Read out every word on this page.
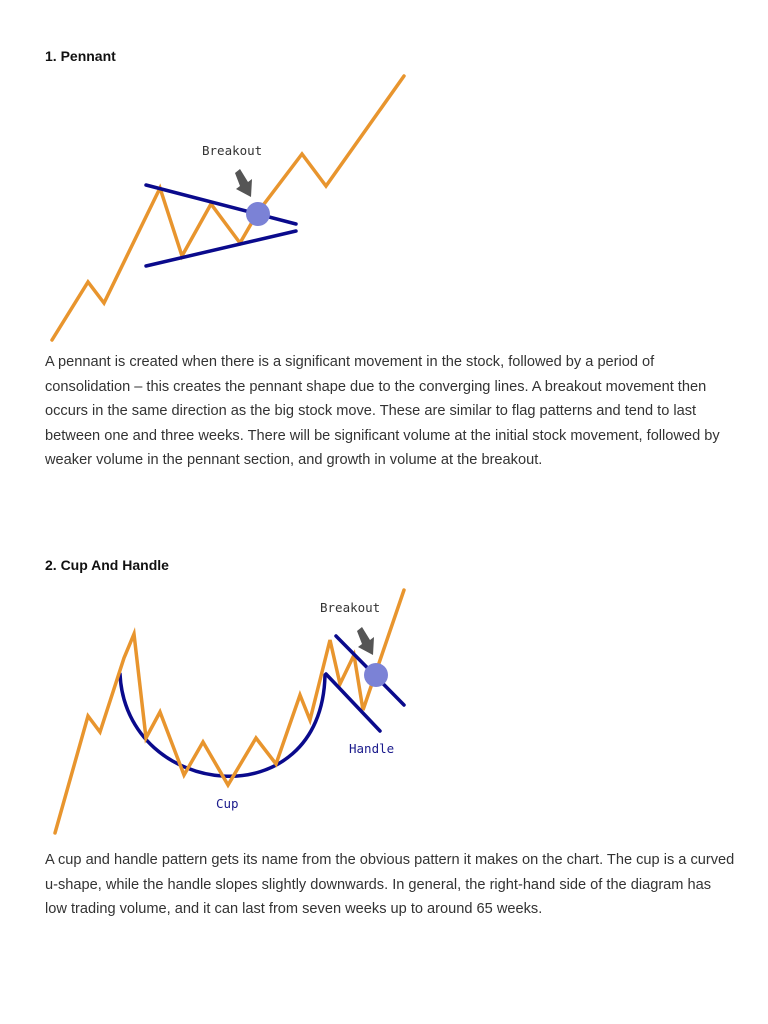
1. Pennant
Breakout

A pennant is created when there is a significant movement in the stock, followed by a period of consolidation – this creates the pennant shape due to the converging lines. A breakout movement then occurs in the same direction as the big stock move. These are similar to flag patterns and tend to last between one and three weeks. There will be significant volume at the initial stock movement, followed by weaker volume in the pennant section, and growth in volume at the breakout.

2. Cup And Handle
Breakout
Handle
Cup

A cup and handle pattern gets its name from the obvious pattern it makes on the chart. The cup is a curved u-shape, while the handle slopes slightly downwards. In general, the right-hand side of the diagram has low trading volume, and it can last from seven weeks up to around 65 weeks.
